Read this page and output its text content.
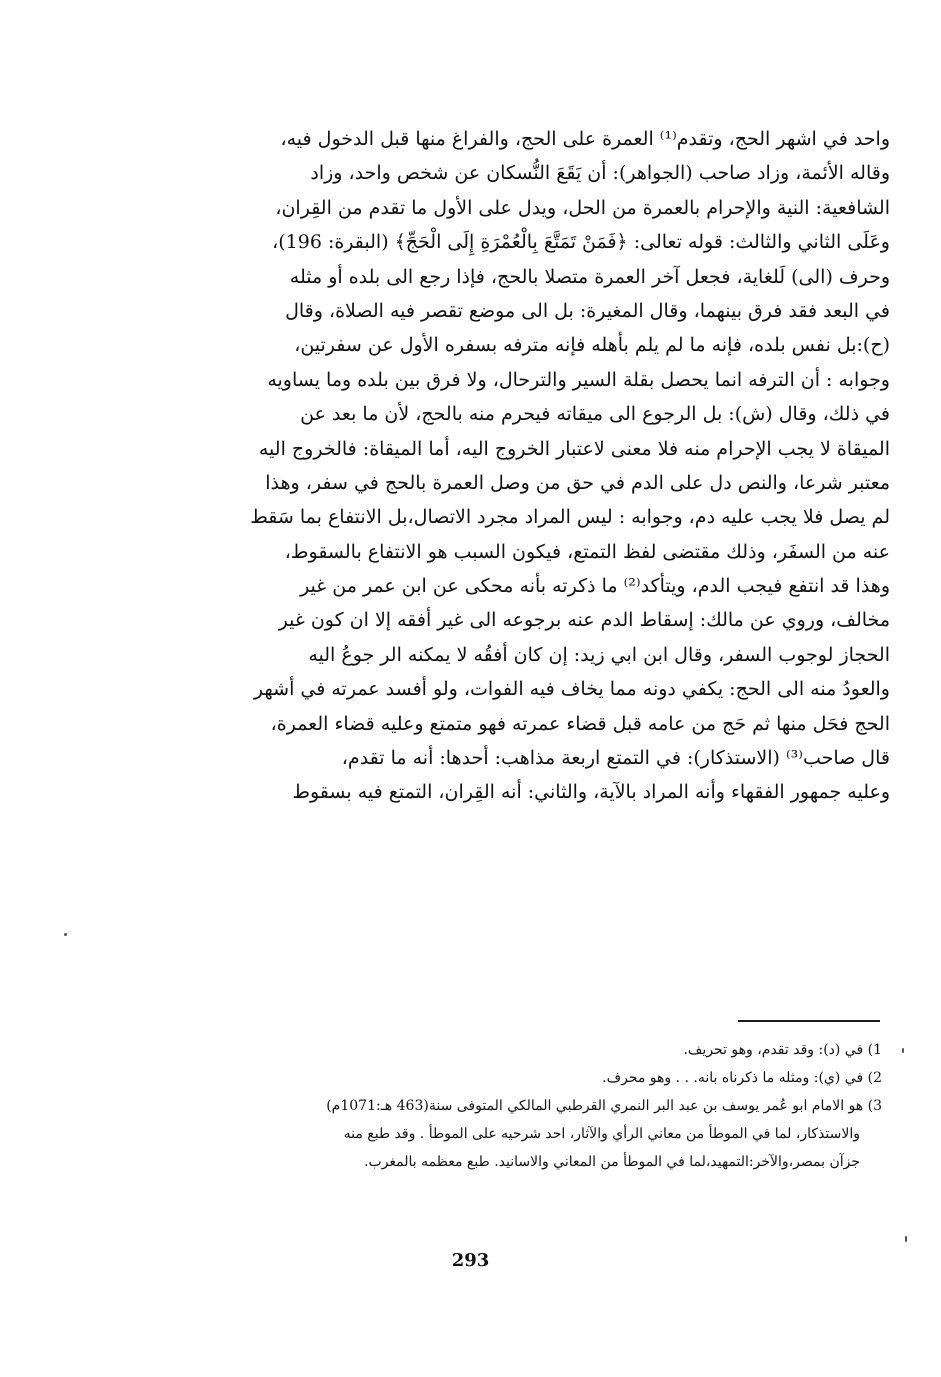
واحد في اشهر الحج، وتقدم⁽¹⁾ العمرة على الحج، والفراغ منها قبل الدخول فيه،
وقاله الأئمة، وزاد صاحب (الجواهر): أن يَقَعَ النُّسكان عن شخص واحد، وزاد
الشافعية: النية والإحرام بالعمرة من الحل، ويدل على الأول ما تقدم من القِران،
وعَلَى الثاني والثالث: قوله تعالى: ﴿فَمَنْ تَمَتَّعَ بِالْعُمْرَةِ إِلَى الْحَجِّ﴾ (البقرة: 196)،
وحرف (الى) لَلغاية، فجعل آخر العمرة متصلا بالحج، فإذا رجع الى بلده أو مثله
في البعد فقد فرق بينهما، وقال المغيرة: بل الى موضع تقصر فيه الصلاة، وقال
(ح):بل نفس بلده، فإنه ما لم يلم بأهله فإنه مترفه بسفره الأول عن سفرتين،
وجوابه : أن الترفه انما يحصل بقلة السير والترحال، ولا فرق بين بلده وما يساويه
في ذلك، وقال (ش): بل الرجوع الى ميقاته فيحرم منه بالحج، لأن ما بعد عن
الميقاة لا يجب الإحرام منه فلا معنى لاعتبار الخروج اليه، أما الميقاة: فالخروج اليه
معتبر شرعا، والنص دل على الدم في حق من وصل العمرة بالحج في سفر، وهذا
لم يصل فلا يجب عليه دم، وجوابه : ليس المراد مجرد الاتصال،بل الانتفاع بما سَقط
عنه من السفَر، وذلك مقتضى لفظ التمتع، فيكون السبب هو الانتفاع بالسقوط،
وهذا قد انتفع فيجب الدم، ويتأكد⁽²⁾ ما ذكرته بأنه محكى عن ابن عمر من غير
مخالف، وروي عن مالك: إسقاط الدم عنه برجوعه الى غير أفقه إلا ان كون غير
الحجاز لوجوب السفر، وقال ابن ابي زيد: إن كان أفقُه لا يمكنه الر جوعُ اليه
والعودُ منه الى الحج: يكفي دونه مما يخاف فيه الفوات، ولو أفسد عمرته في أشهر
الحج فحَل منها ثم حَج من عامه قبل قضاء عمرته فهو متمتع وعليه قضاء العمرة،
قال صاحب⁽³⁾ (الاستذكار): في التمتع اربعة مذاهب: أحدها: أنه ما تقدم،
وعليه جمهور الفقهاء وأنه المراد بالآية، والثاني: أنه القِران، التمتع فيه بسقوط
1) في (د): وقد تقدم، وهو تحريف.
2) في (ي): ومثله ما ذكرناه بانه. . . وهو محرف.
3) هو الامام ابو عُمر يوسف بن عبد البر النمري القرطبي المالكي المتوفى سنة(463 هـ:1071م)
والاستذكار، لما في الموطأ من معاني الرأي والآثار، احد شرحيه على الموطأ . وقد طبع منه
جزآن بمصر،والآخر:التمهيد،لما في الموطأ من المعاني والاسانيد. طبع معظمه بالمغرب.
293
